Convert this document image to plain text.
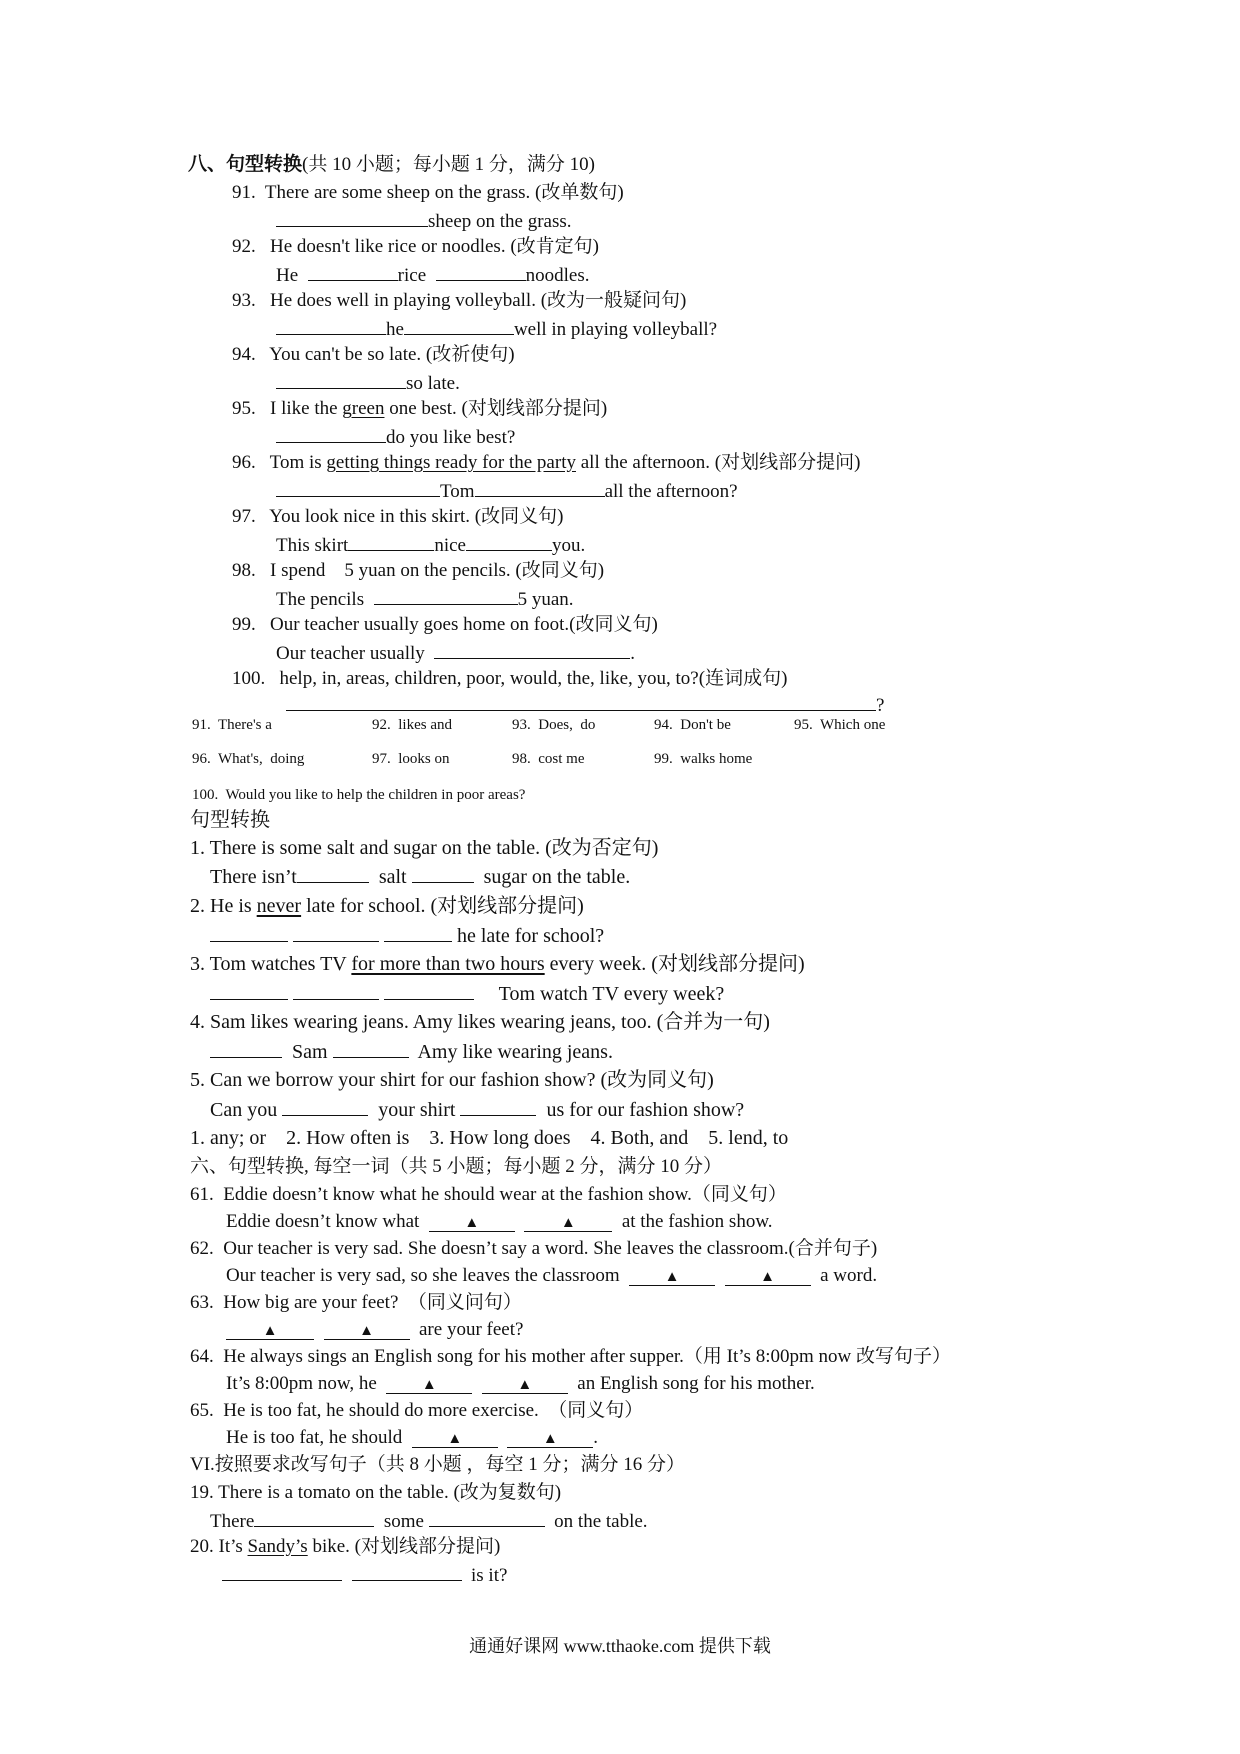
八、句型转换(共 10 小题；每小题 1 分，满分 10)
91. There are some sheep on the grass. (改单数句)
sheep on the grass.
92. He doesn't like rice or noodles. (改肯定句)
He	rice	noodles.
93. He does well in playing volleyball. (改为一般疑问句)
he	well in playing volleyball?
94. You can't be so late. (改祈使句)
so late.
95. I like the green one best. (对划线部分提问)
do you like best?
96. Tom is getting things ready for the party all the afternoon. (对划线部分提问)
Tom	all the afternoon?
97. You look nice in this skirt. (改同义句)
This skirt	nice	you.
98. I spend    5 yuan on the pencils. (改同义句)
The pencils	5 yuan.
99. Our teacher usually goes home on foot.(改同义句)
Our teacher usually	.
100. help, in, areas, children, poor, would, the, like, you, to?(连词成句)
?
91.  There's a	92.  likes and	93.  Does,  do	94.  Don't be	95.  Which one
96.  What's,  doing	97.  looks on	98.  cost me	99.  walks home
100.  Would you like to help the children in poor areas?
句型转换
1. There is some salt and sugar on the table. (改为否定句)
There isn’t	salt	sugar on the table.
2. He is never late for school. (对划线部分提问)
he late for school?
3. Tom watches TV for more than two hours every week. (对划线部分提问)
Tom watch TV every week?
4. Sam likes wearing jeans. Amy likes wearing jeans, too. (合并为一句)
Sam	Amy like wearing jeans.
5. Can we borrow your shirt for our fashion show? (改为同义句)
Can you	your shirt	us for our fashion show?
1. any; or    2. How often is    3. How long does    4. Both, and    5. lend, to
六、句型转换, 每空一词（共 5 小题；每小题 2 分，满分 10 分）
61.  Eddie doesn’t know what he should wear at the fashion show.（同义句）
Eddie doesn’t know what	▲	▲ at the fashion show.
62.  Our teacher is very sad. She doesn’t say a word. She leaves the classroom.(合并句子)
Our teacher is very sad, so she leaves the classroom	▲	▲ a word.
63.  How big are your feet?  （同义问句）
▲	▲ are your feet?
64.  He always sings an English song for his mother after supper.（用 It’s 8:00pm now 改写句子）
It’s 8:00pm now, he	▲	▲ an English song for his mother.
65.  He is too fat, he should do more exercise.  （同义句）
He is too fat, he should	▲	▲ .
VI.按照要求改写句子（共 8 小题 ，每空 1 分；满分 16 分）
19. There is a tomato on the table. (改为复数句)
There	some	on the table.
20. It’s Sandy’s bike. (对划线部分提问)
is it?
通通好课网 www.tthaoke.com 提供下载
